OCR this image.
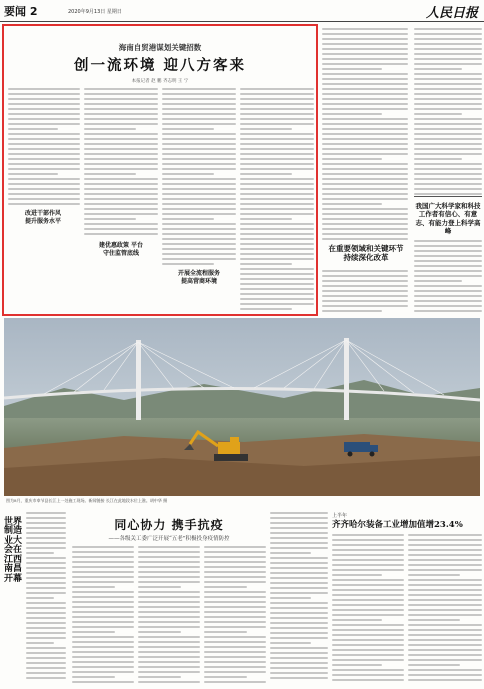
要闻 2	2020年9月13日 星期日	人民日报
海南自贸港谋划关键招数
创一流环境 迎八方客来
本报记者 赵 鹏 齐志明 王 宁
改进干部作风
提升服务水平
建优惠政策 平台
守住监管底线
开展全流程服务
提高营商环境
在重要领域和关键环节
持续深化改革
我国广大科学家和科技工作者有信心、有意志、有能力登上科学高峰
图为8月，重庆市奉节县长江上一处施工现场。新闻链接 长江在此地段水位上涨。胡中华 摄
世界制造业大会在江西南昌开幕
同心协力 携手抗疫
——各级关工委广泛开展“五老”积极投身疫情防控
上半年
齐齐哈尔装备工业增加值增23.4%
